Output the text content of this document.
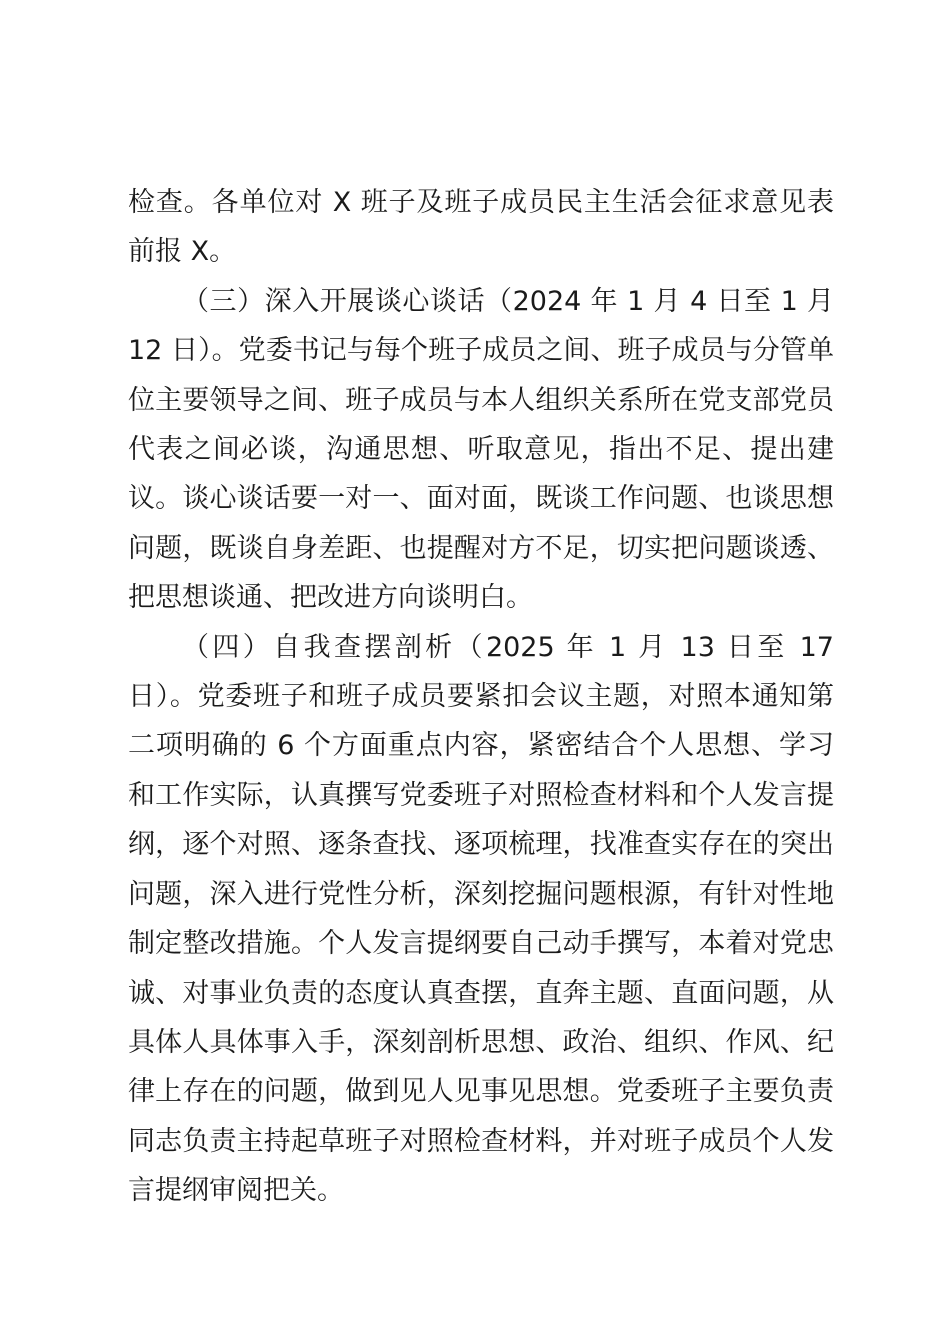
检查。各单位对 X 班子及班子成员民主生活会征求意见表前报 X。

（三）深入开展谈心谈话（2024 年 1 月 4 日至 1 月 12 日）。党委书记与每个班子成员之间、班子成员与分管单位主要领导之间、班子成员与本人组织关系所在党支部党员代表之间必谈，沟通思想、听取意见，指出不足、提出建议。谈心谈话要一对一、面对面，既谈工作问题、也谈思想问题，既谈自身差距、也提醒对方不足，切实把问题谈透、把思想谈通、把改进方向谈明白。

（四）自我查摆剖析（2025 年 1 月 13 日至 17 日）。党委班子和班子成员要紧扣会议主题，对照本通知第二项明确的 6 个方面重点内容，紧密结合个人思想、学习和工作实际，认真撰写党委班子对照检查材料和个人发言提纲，逐个对照、逐条查找、逐项梳理，找准查实存在的突出问题，深入进行党性分析，深刻挖掘问题根源，有针对性地制定整改措施。个人发言提纲要自己动手撰写，本着对党忠诚、对事业负责的态度认真查摆，直奔主题、直面问题，从具体人具体事入手，深刻剖析思想、政治、组织、作风、纪律上存在的问题，做到见人见事见思想。党委班子主要负责同志负责主持起草班子对照检查材料，并对班子成员个人发言提纲审阅把关。
